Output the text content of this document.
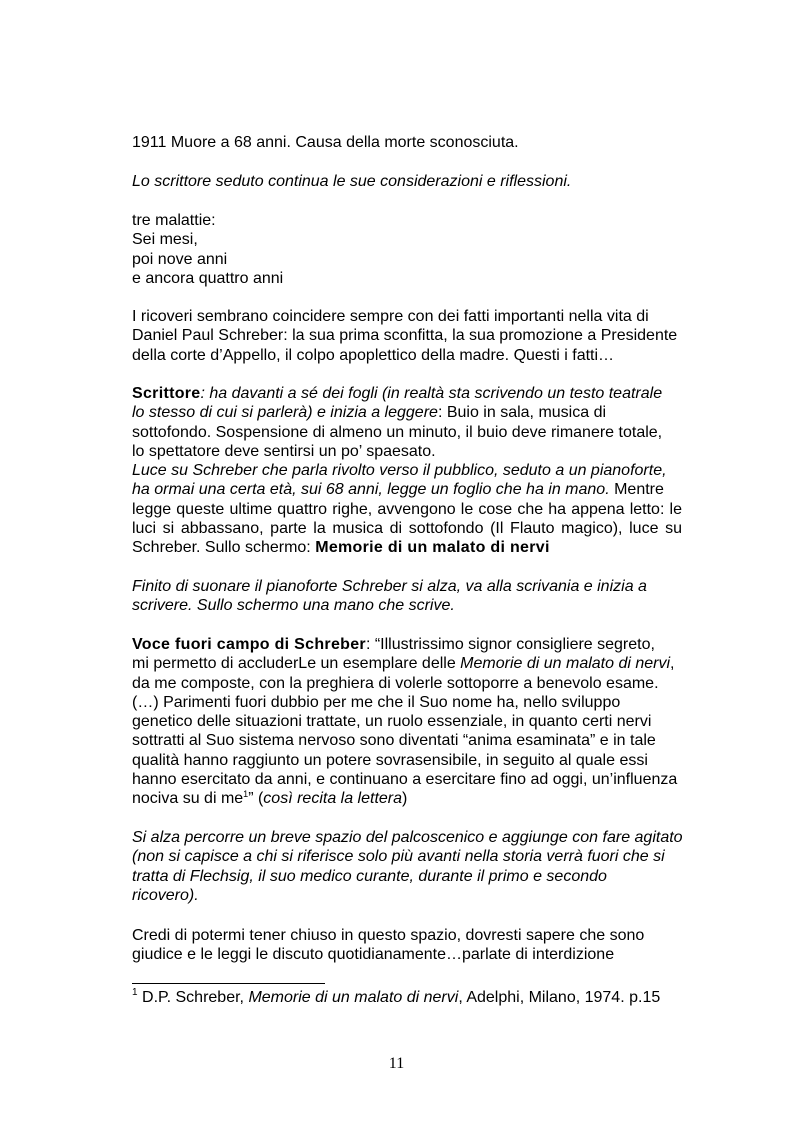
1911 Muore a 68 anni. Causa della morte sconosciuta.
Lo scrittore seduto continua le sue considerazioni e riflessioni.
tre malattie:
Sei mesi,
poi nove anni
e ancora quattro anni
I ricoveri sembrano coincidere sempre con dei fatti importanti nella vita di
Daniel Paul Schreber: la sua prima sconfitta, la sua promozione a Presidente
della corte d’Appello, il colpo apoplettico della madre. Questi i fatti…
Scrittore: ha davanti a sé dei fogli (in realtà sta scrivendo un testo teatrale
lo stesso di cui si parlerà) e inizia a leggere: Buio in sala, musica di
sottofondo. Sospensione di almeno un minuto, il buio deve rimanere totale,
lo spettatore deve sentirsi un po’ spaesato.
Luce su Schreber che parla rivolto verso il pubblico, seduto a un pianoforte,
ha ormai una certa età, sui 68 anni, legge un foglio che ha in mano. Mentre
legge queste ultime quattro righe, avvengono le cose che ha appena letto: le
luci si abbassano, parte la musica di sottofondo (Il Flauto magico), luce su
Schreber. Sullo schermo: Memorie di un malato di nervi
Finito di suonare il pianoforte Schreber si alza, va alla scrivania e inizia a
scrivere. Sullo schermo una mano che scrive.
Voce fuori campo di Schreber: “Illustrissimo signor consigliere segreto,
mi permetto di accluderLe un esemplare delle Memorie di un malato di nervi,
da me composte, con la preghiera di volerle sottoporre a benevolo esame.
(…) Parimenti fuori dubbio per me che il Suo nome ha, nello sviluppo
genetico delle situazioni trattate, un ruolo essenziale, in quanto certi nervi
sottratti al Suo sistema nervoso sono diventati “anima esaminata” e in tale
qualità hanno raggiunto un potere sovrasensibile, in seguito al quale essi
hanno esercitato da anni, e continuano a esercitare fino ad oggi, un’influenza
nociva su di $me^1$” (così recita la lettera)
Si alza percorre un breve spazio del palcoscenico e aggiunge con fare agitato
(non si capisce a chi si riferisce solo più avanti nella storia verrà fuori che si
tratta di Flechsig, il suo medico curante, durante il primo e secondo
ricovero).
Credi di potermi tener chiuso in questo spazio, dovresti sapere che sono
giudice e le leggi le discuto quotidianamente…parlate di interdizione
$^1$ D.P. Schreber, Memorie di un malato di nervi, Adelphi, Milano, 1974. p.15
11
